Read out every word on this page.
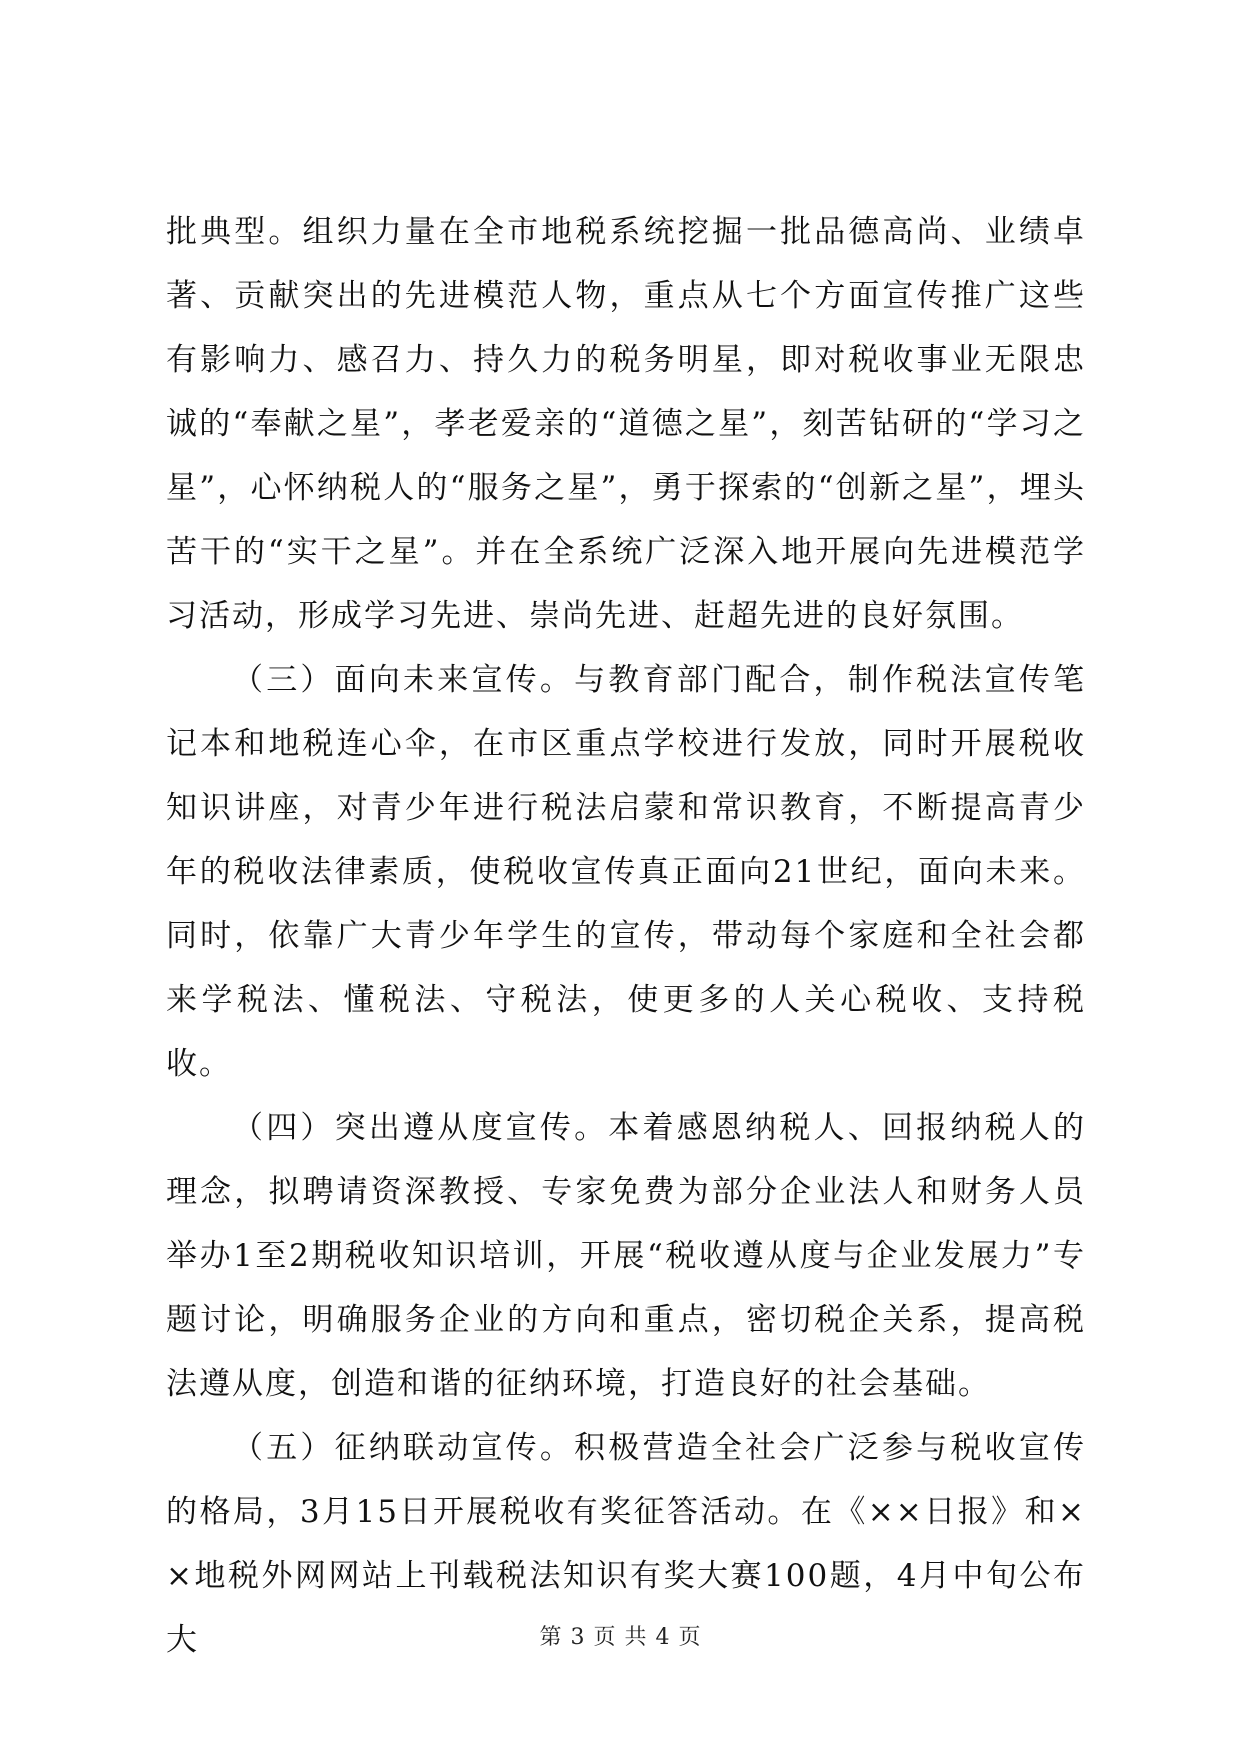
批典型。组织力量在全市地税系统挖掘一批品德高尚、业绩卓著、贡献突出的先进模范人物，重点从七个方面宣传推广这些有影响力、感召力、持久力的税务明星，即对税收事业无限忠诚的“奉献之星”，孝老爱亲的“道德之星”，刻苦钻研的“学习之星”，心怀纳税人的“服务之星”，勇于探索的“创新之星”，埋头苦干的“实干之星”。并在全系统广泛深入地开展向先进模范学习活动，形成学习先进、崇尚先进、赶超先进的良好氛围。

（三）面向未来宣传。与教育部门配合，制作税法宣传笔记本和地税连心伞，在市区重点学校进行发放，同时开展税收知识讲座，对青少年进行税法启蒙和常识教育，不断提高青少年的税收法律素质，使税收宣传真正面向21世纪，面向未来。同时，依靠广大青少年学生的宣传，带动每个家庭和全社会都来学税法、懂税法、守税法，使更多的人关心税收、支持税收。

（四）突出遵从度宣传。本着感恩纳税人、回报纳税人的理念，拟聘请资深教授、专家免费为部分企业法人和财务人员举办1至2期税收知识培训，开展“税收遵从度与企业发展力”专题讨论，明确服务企业的方向和重点，密切税企关系，提高税法遵从度，创造和谐的征纳环境，打造良好的社会基础。

（五）征纳联动宣传。积极营造全社会广泛参与税收宣传的格局，3月15日开展税收有奖征答活动。在《××日报》和××地税外网网站上刊载税法知识有奖大赛100题，4月中旬公布大	第 3 页 共 4 页
